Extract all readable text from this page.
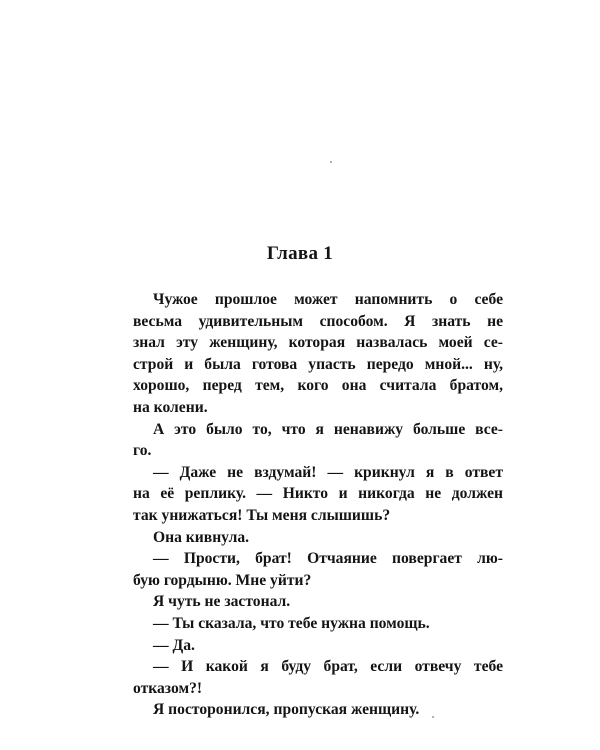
Глава 1
Чужое прошлое может напомнить о себе
весьма удивительным способом. Я знать не
знал эту женщину, которая назвалась моей се-
строй и была готова упасть передо мной... ну,
хорошо, перед тем, кого она считала братом,
на колени.
А это было то, что я ненавижу больше все-
го.
— Даже не вздумай! — крикнул я в ответ
на её реплику. — Никто и никогда не должен
так унижаться! Ты меня слышишь?
Она кивнула.
— Прости, брат! Отчаяние повергает лю-
бую гордыню. Мне уйти?
Я чуть не застонал.
— Ты сказала, что тебе нужна помощь.
— Да.
— И какой я буду брат, если отвечу тебе
отказом?!
Я посторонился, пропуская женщину.
